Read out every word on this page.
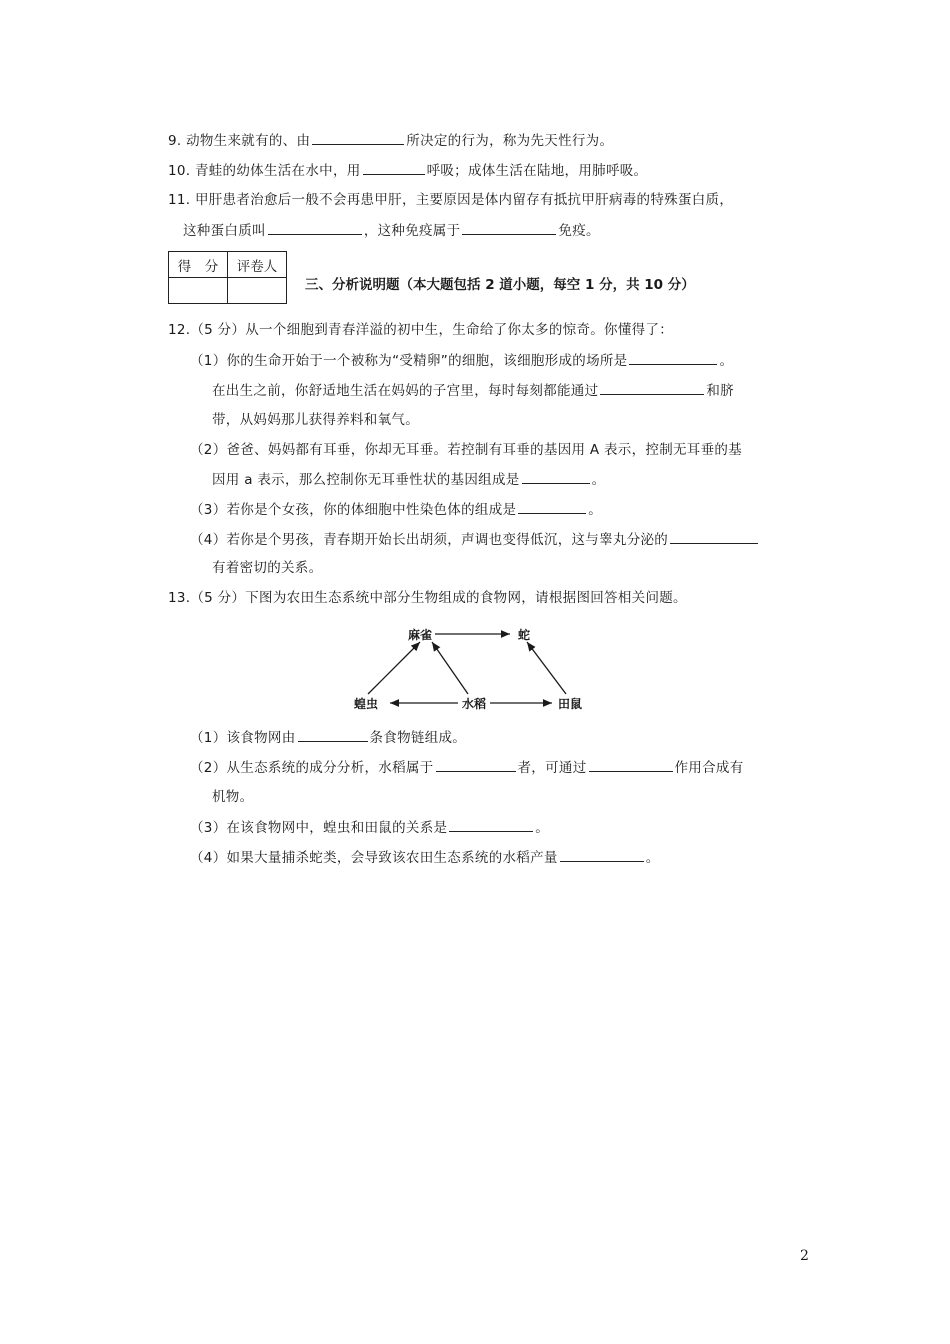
9. 动物生来就有的、由	所决定的行为，称为先天性行为。
10. 青蛙的幼体生活在水中，用	呼吸；成体生活在陆地，用肺呼吸。
11. 甲肝患者治愈后一般不会再患甲肝，主要原因是体内留存有抵抗甲肝病毒的特殊蛋白质，
这种蛋白质叫	，这种免疫属于	免疫。
得　分	评卷人

三、分析说明题（本大题包括 2 道小题，每空 1 分，共 10 分）
12.（5 分）从一个细胞到青春洋溢的初中生，生命给了你太多的惊奇。你懂得了：
（1）你的生命开始于一个被称为“受精卵”的细胞，该细胞形成的场所是	。
在出生之前，你舒适地生活在妈妈的子宫里，每时每刻都能通过	和脐
带，从妈妈那儿获得养料和氧气。
（2）爸爸、妈妈都有耳垂，你却无耳垂。若控制有耳垂的基因用 A 表示，控制无耳垂的基
因用 a 表示，那么控制你无耳垂性状的基因组成是	。
（3）若你是个女孩，你的体细胞中性染色体的组成是	。
（4）若你是个男孩，青春期开始长出胡须，声调也变得低沉，这与睾丸分泌的
有着密切的关系。
13.（5 分）下图为农田生态系统中部分生物组成的食物网，请根据图回答相关问题。
麻雀	蛇
蝗虫	水稻	田鼠
（1）该食物网由	条食物链组成。
（2）从生态系统的成分分析，水稻属于	者，可通过	作用合成有
机物。
（3）在该食物网中，蝗虫和田鼠的关系是	。
（4）如果大量捕杀蛇类，会导致该农田生态系统的水稻产量	。
2
